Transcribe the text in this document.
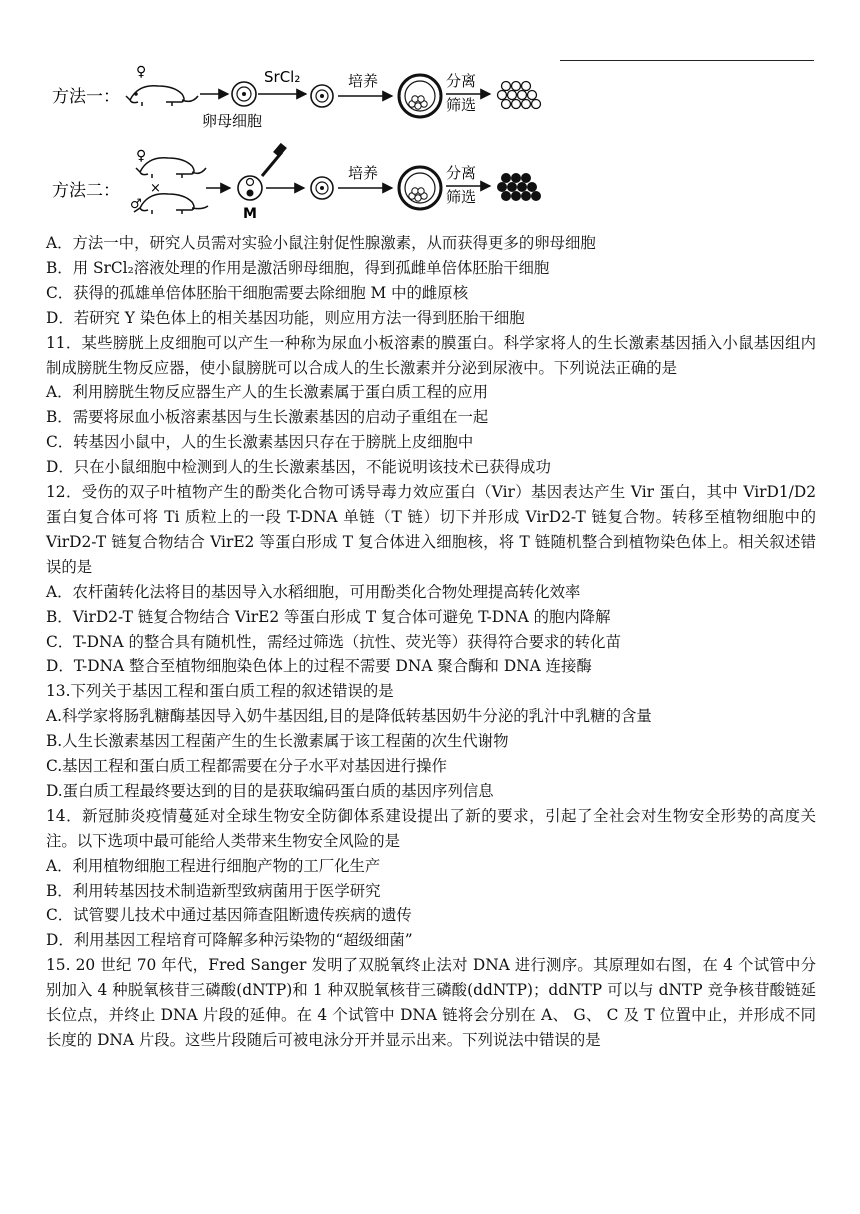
方法一：
♀
卵母细胞
SrCl₂	培养	分离
筛选
方法二：
♀
×
♂
M
培养	分离
筛选

A．方法一中，研究人员需对实验小鼠注射促性腺激素，从而获得更多的卵母细胞

B．用 SrCl₂溶液处理的作用是激活卵母细胞，得到孤雌单倍体胚胎干细胞

C．获得的孤雄单倍体胚胎干细胞需要去除细胞 M 中的雌原核

D．若研究 Y 染色体上的相关基因功能，则应用方法一得到胚胎干细胞

11．某些膀胱上皮细胞可以产生一种称为尿血小板溶素的膜蛋白。科学家将人的生长激素基因插入小鼠基因组内制成膀胱生物反应器，使小鼠膀胱可以合成人的生长激素并分泌到尿液中。下列说法正确的是

A．利用膀胱生物反应器生产人的生长激素属于蛋白质工程的应用

B．需要将尿血小板溶素基因与生长激素基因的启动子重组在一起

C．转基因小鼠中，人的生长激素基因只存在于膀胱上皮细胞中

D．只在小鼠细胞中检测到人的生长激素基因，不能说明该技术已获得成功

12．受伤的双子叶植物产生的酚类化合物可诱导毒力效应蛋白（Vir）基因表达产生 Vir 蛋白，其中 VirD1/D2 蛋白复合体可将 Ti 质粒上的一段 T-DNA 单链（T 链）切下并形成 VirD2-T 链复合物。转移至植物细胞中的 VirD2-T 链复合物结合 VirE2 等蛋白形成 T 复合体进入细胞核，将 T 链随机整合到植物染色体上。相关叙述错误的是

A．农杆菌转化法将目的基因导入水稻细胞，可用酚类化合物处理提高转化效率

B．VirD2-T 链复合物结合 VirE2 等蛋白形成 T 复合体可避免 T-DNA 的胞内降解

C．T-DNA 的整合具有随机性，需经过筛选（抗性、荧光等）获得符合要求的转化苗

D．T-DNA 整合至植物细胞染色体上的过程不需要 DNA 聚合酶和 DNA 连接酶

13.下列关于基因工程和蛋白质工程的叙述错误的是

A.科学家将肠乳糖酶基因导入奶牛基因组,目的是降低转基因奶牛分泌的乳汁中乳糖的含量

B.人生长激素基因工程菌产生的生长激素属于该工程菌的次生代谢物

C.基因工程和蛋白质工程都需要在分子水平对基因进行操作

D.蛋白质工程最终要达到的目的是获取编码蛋白质的基因序列信息

14．新冠肺炎疫情蔓延对全球生物安全防御体系建设提出了新的要求，引起了全社会对生物安全形势的高度关注。以下选项中最可能给人类带来生物安全风险的是

A．利用植物细胞工程进行细胞产物的工厂化生产

B．利用转基因技术制造新型致病菌用于医学研究

C．试管婴儿技术中通过基因筛查阻断遗传疾病的遗传

D．利用基因工程培育可降解多种污染物的“超级细菌”

15. 20 世纪 70 年代，Fred Sanger 发明了双脱氧终止法对 DNA 进行测序。其原理如右图，在 4 个试管中分别加入 4 种脱氧核苷三磷酸(dNTP)和 1 种双脱氧核苷三磷酸(ddNTP)；ddNTP 可以与 dNTP 竞争核苷酸链延长位点，并终止 DNA 片段的延伸。在 4 个试管中 DNA 链将会分别在 A、 G、 C 及 T 位置中止，并形成不同长度的 DNA 片段。这些片段随后可被电泳分开并显示出来。下列说法中错误的是
